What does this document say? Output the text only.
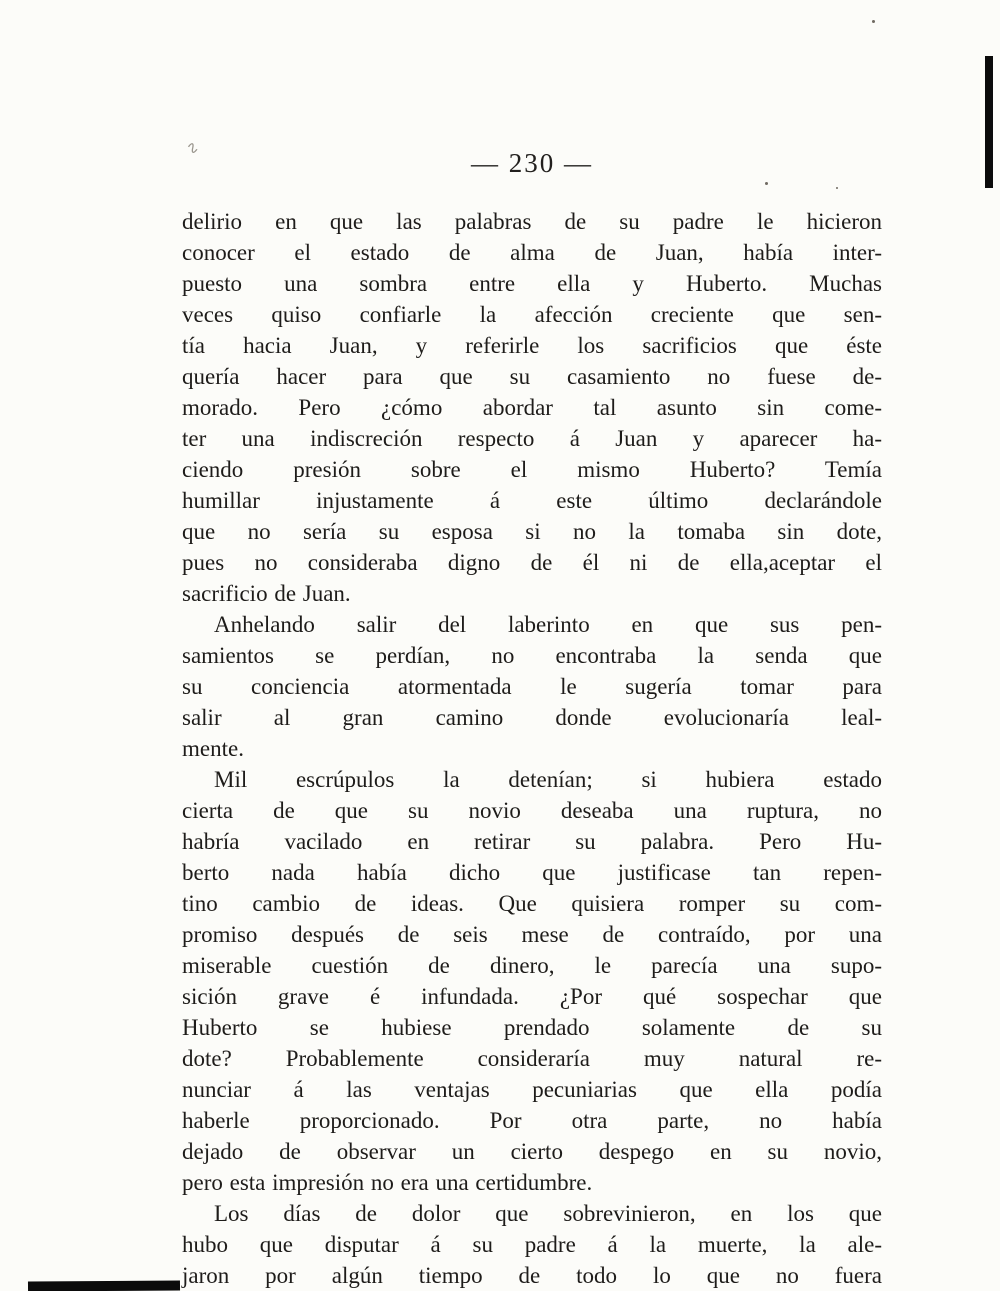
∿	— 230 —
delirio en que las palabras de su padre le hicieron
conocer el estado de alma de Juan, había inter-
puesto una sombra entre ella y Huberto. Muchas
veces quiso confiarle la afección creciente que sen-
tía hacia Juan, y referirle los sacrificios que éste
quería hacer para que su casamiento no fuese de-
morado. Pero ¿cómo abordar tal asunto sin come-
ter una indiscreción respecto á Juan y aparecer ha-
ciendo presión sobre el mismo Huberto? Temía
humillar injustamente á este último declarándole
que no sería su esposa si no la tomaba sin dote,
pues no consideraba digno de él ni de ella,aceptar el
sacrificio de Juan.
Anhelando salir del laberinto en que sus pen-
samientos se perdían, no encontraba la senda que
su conciencia atormentada le sugería tomar para
salir al gran camino donde evolucionaría leal-
mente.
Mil escrúpulos la detenían; si hubiera estado
cierta de que su novio deseaba una ruptura, no
habría vacilado en retirar su palabra. Pero Hu-
berto nada había dicho que justificase tan repen-
tino cambio de ideas. Que quisiera romper su com-
promiso después de seis mese de contraído, por una
miserable cuestión de dinero, le parecía una supo-
sición grave é infundada. ¿Por qué sospechar que
Huberto se hubiese prendado solamente de su
dote? Probablemente consideraría muy natural re-
nunciar á las ventajas pecuniarias que ella podía
haberle proporcionado. Por otra parte, no había
dejado de observar un cierto despego en su novio,
pero esta impresión no era una certidumbre.
Los días de dolor que sobrevinieron, en los que
hubo que disputar á su padre á la muerte, la ale-
jaron por algún tiempo de todo lo que no fuera
